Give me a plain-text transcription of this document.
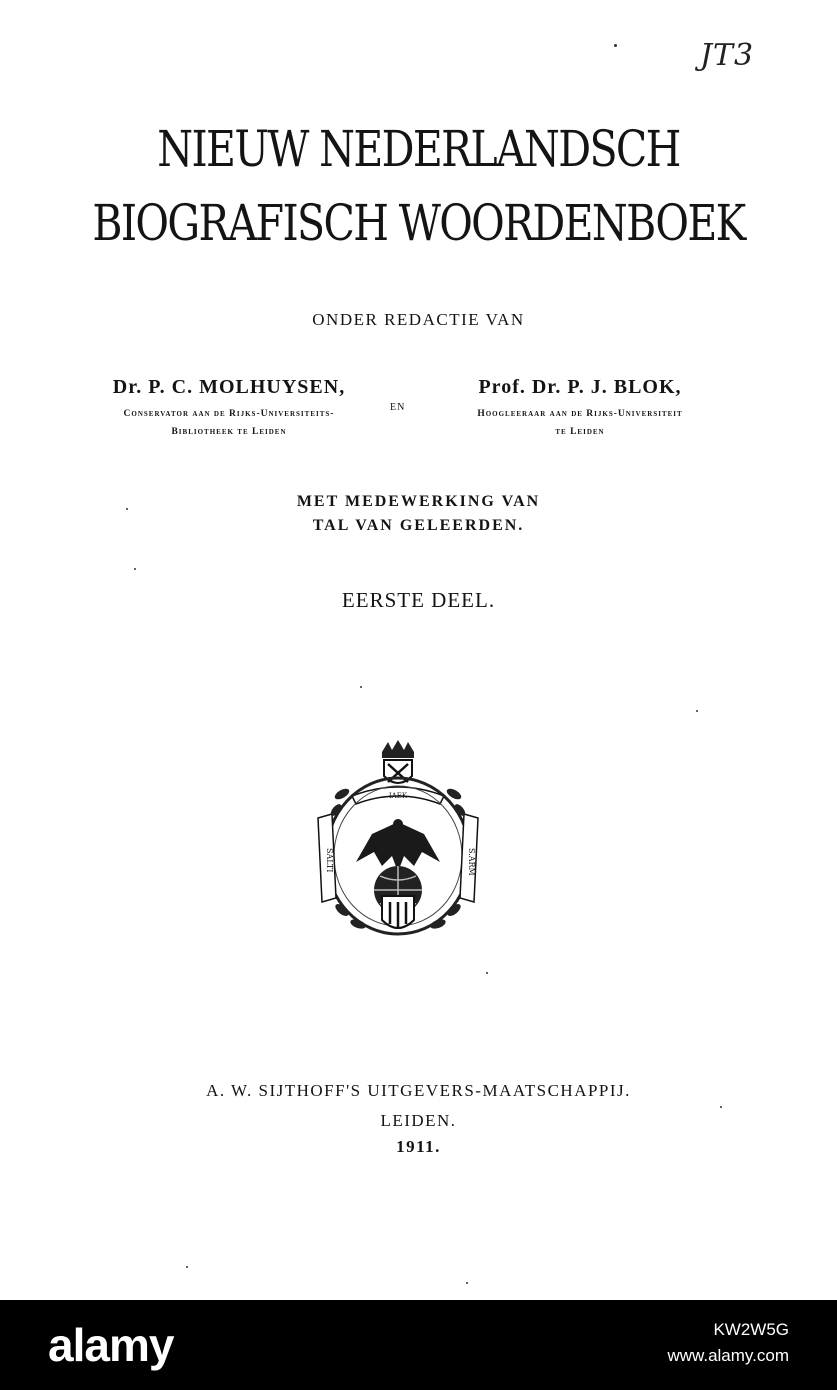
JT3
NIEUW NEDERLANDSCH
BIOGRAFISCH WOORDENBOEK
ONDER REDACTIE VAN
Dr. P. C. MOLHUYSEN,
Conservator aan de Rijks-Universiteits-
Bibliotheek te Leiden
EN
Prof. Dr. P. J. BLOK,
Hoogleeraar aan de Rijks-Universiteit
te Leiden
MET MEDEWERKING VAN
TAL VAN GELEERDEN.
EERSTE DEEL.
IAEK
SALTI	S.ARM
A. W. SIJTHOFF'S UITGEVERS-MAATSCHAPPIJ.
LEIDEN.
1911.
alamy	KW2W5G
www.alamy.com
